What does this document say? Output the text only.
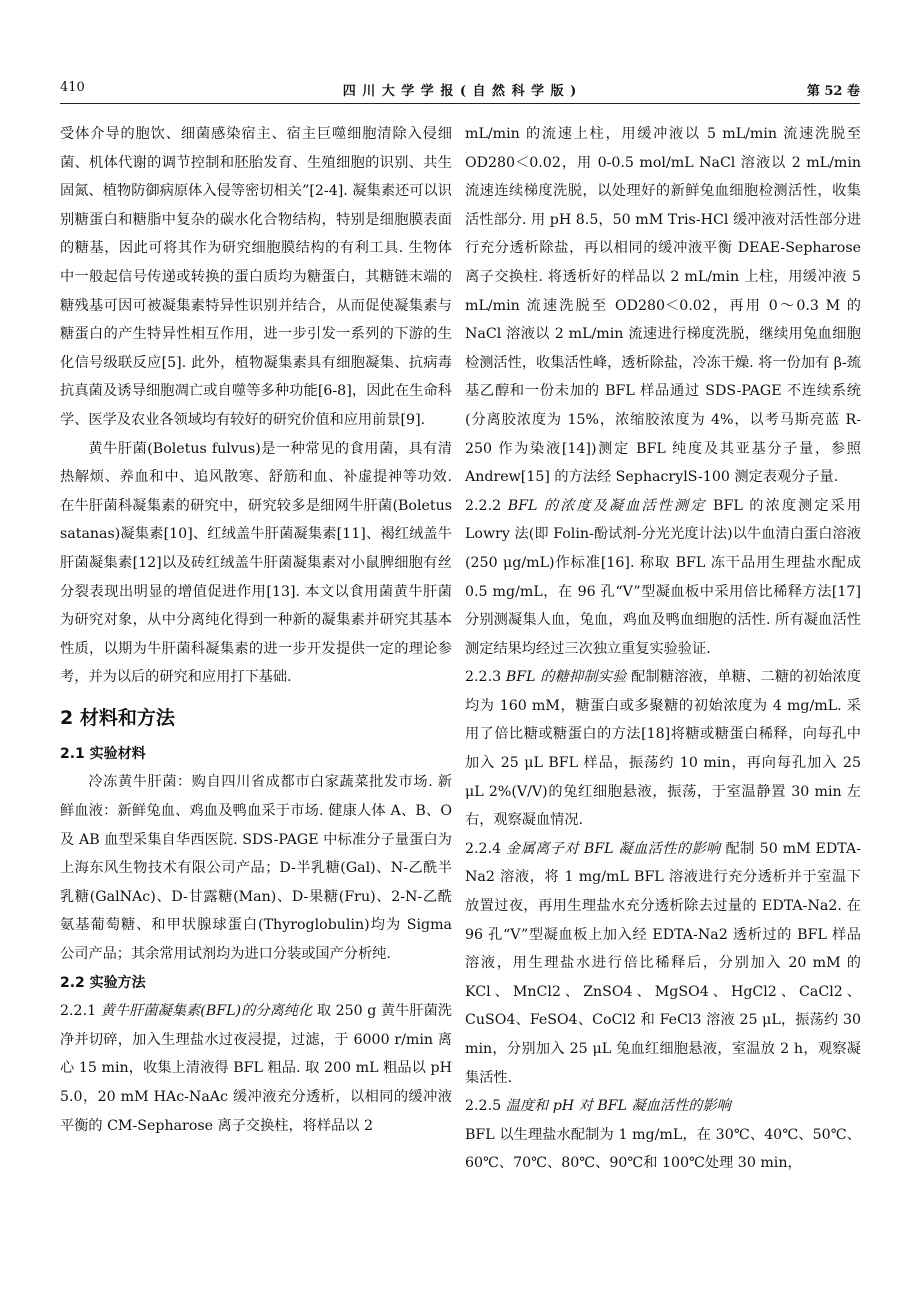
410	四 川 大 学 学 报 ( 自 然 科 学 版 )	第 52 卷

受体介导的胞饮、细菌感染宿主、宿主巨噬细胞清除入侵细菌、机体代谢的调节控制和胚胎发育、生殖细胞的识别、共生固氮、植物防御病原体入侵等密切相关”[2-4]. 凝集素还可以识别糖蛋白和糖脂中复杂的碳水化合物结构，特别是细胞膜表面的糖基，因此可将其作为研究细胞膜结构的有利工具. 生物体中一般起信号传递或转换的蛋白质均为糖蛋白，其糖链末端的糖残基可因可被凝集素特异性识别并结合，从而促使凝集素与糖蛋白的产生特异性相互作用，进一步引发一系列的下游的生化信号级联反应[5]. 此外，植物凝集素具有细胞凝集、抗病毒抗真菌及诱导细胞凋亡或自噬等多种功能[6-8]，因此在生命科学、医学及农业各领域均有较好的研究价值和应用前景[9].

黄牛肝菌(Boletus fulvus)是一种常见的食用菌，具有清热解烦、养血和中、追风散寒、舒筋和血、补虚提神等功效. 在牛肝菌科凝集素的研究中，研究较多是细网牛肝菌(Boletus satanas)凝集素[10]、红绒盖牛肝菌凝集素[11]、褐红绒盖牛肝菌凝集素[12]以及砖红绒盖牛肝菌凝集素对小鼠脾细胞有丝分裂表现出明显的增值促进作用[13]. 本文以食用菌黄牛肝菌为研究对象，从中分离纯化得到一种新的凝集素并研究其基本性质，以期为牛肝菌科凝集素的进一步开发提供一定的理论参考，并为以后的研究和应用打下基础.

2 材料和方法
2.1 实验材料

冷冻黄牛肝菌：购自四川省成都市白家蔬菜批发市场. 新鲜血液：新鲜兔血、鸡血及鸭血采于市场. 健康人体 A、B、O 及 AB 血型采集自华西医院. SDS-PAGE 中标准分子量蛋白为上海东风生物技术有限公司产品；D-半乳糖(Gal)、N-乙酰半乳糖(GalNAc)、D-甘露糖(Man)、D-果糖(Fru)、2-N-乙酰氨基葡萄糖、和甲状腺球蛋白(Thyroglobulin)均为 Sigma 公司产品；其余常用试剂均为进口分装或国产分析纯.

2.2 实验方法

2.2.1 黄牛肝菌凝集素(BFL)的分离纯化 取 250 g 黄牛肝菌洗净并切碎，加入生理盐水过夜浸提，过滤，于 6000 r/min 离心 15 min，收集上清液得 BFL 粗品. 取 200 mL 粗品以 pH 5.0，20 mM HAc-NaAc 缓冲液充分透析，以相同的缓冲液平衡的 CM-Sepharose 离子交换柱，将样品以 2

mL/min 的流速上柱，用缓冲液以 5 mL/min 流速洗脱至 OD280＜0.02，用 0-0.5 mol/mL NaCl 溶液以 2 mL/min 流速连续梯度洗脱，以处理好的新鲜兔血细胞检测活性，收集活性部分. 用 pH 8.5，50 mM Tris-HCl 缓冲液对活性部分进行充分透析除盐，再以相同的缓冲液平衡 DEAE-Sepharose 离子交换柱. 将透析好的样品以 2 mL/min 上柱，用缓冲液 5 mL/min 流速洗脱至 OD280＜0.02，再用 0～0.3 M 的 NaCl 溶液以 2 mL/min 流速进行梯度洗脱，继续用兔血细胞检测活性，收集活性峰，透析除盐，冷冻干燥. 将一份加有 β-巯基乙醇和一份未加的 BFL 样品通过 SDS-PAGE 不连续系统(分离胶浓度为 15%，浓缩胶浓度为 4%，以考马斯亮蓝 R-250 作为染液[14])测定 BFL 纯度及其亚基分子量，参照 Andrew[15] 的方法经 SephacrylS-100 测定表观分子量.

2.2.2 BFL 的浓度及凝血活性测定 BFL 的浓度测定采用 Lowry 法(即 Folin-酚试剂-分光光度计法)以牛血清白蛋白溶液(250 μg/mL)作标准[16]. 称取 BFL 冻干品用生理盐水配成 0.5 mg/mL，在 96 孔“V”型凝血板中采用倍比稀释方法[17]分别测凝集人血，兔血，鸡血及鸭血细胞的活性. 所有凝血活性测定结果均经过三次独立重复实验验证.

2.2.3 BFL 的糖抑制实验 配制糖溶液，单糖、二糖的初始浓度均为 160 mM，糖蛋白或多聚糖的初始浓度为 4 mg/mL. 采用了倍比糖或糖蛋白的方法[18]将糖或糖蛋白稀释，向每孔中加入 25 μL BFL 样品，振荡约 10 min，再向每孔加入 25 μL 2%(V/V)的兔红细胞悬液，振荡，于室温静置 30 min 左右，观察凝血情况.

2.2.4 金属离子对 BFL 凝血活性的影响 配制 50 mM EDTA-Na2 溶液，将 1 mg/mL BFL 溶液进行充分透析并于室温下放置过夜，再用生理盐水充分透析除去过量的 EDTA-Na2. 在 96 孔“V”型凝血板上加入经 EDTA-Na2 透析过的 BFL 样品溶液，用生理盐水进行倍比稀释后，分别加入 20 mM 的 KCl、MnCl2、ZnSO4、MgSO4、HgCl2、CaCl2、CuSO4、FeSO4、CoCl2 和 FeCl3 溶液 25 μL，振荡约 30 min，分别加入 25 μL 兔血红细胞悬液，室温放 2 h，观察凝集活性.

2.2.5 温度和 pH 对 BFL 凝血活性的影响

BFL 以生理盐水配制为 1 mg/mL，在 30℃、40℃、50℃、60℃、70℃、80℃、90℃和 100℃处理 30 min，
